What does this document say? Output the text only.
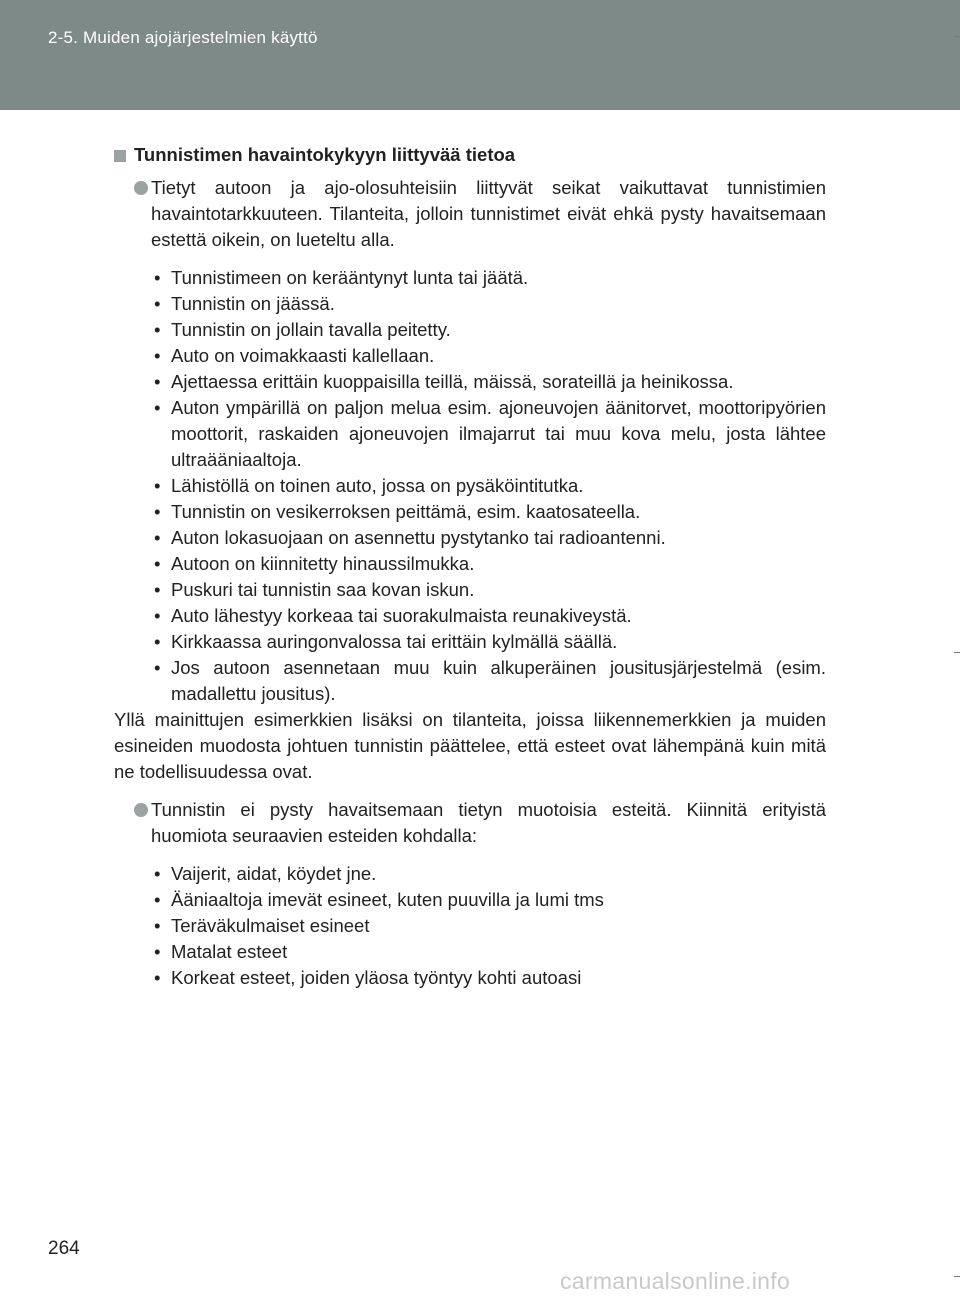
2-5. Muiden ajojärjestelmien käyttö
Tunnistimen havaintokykyyn liittyvää tietoa
Tietyt autoon ja ajo-olosuhteisiin liittyvät seikat vaikuttavat tunnistimien havaintotarkkuuteen. Tilanteita, jolloin tunnistimet eivät ehkä pysty havaitsemaan estettä oikein, on lueteltu alla.
• Tunnistimeen on kerääntynyt lunta tai jäätä.
• Tunnistin on jäässä.
• Tunnistin on jollain tavalla peitetty.
• Auto on voimakkaasti kallellaan.
• Ajettaessa erittäin kuoppaisilla teillä, mäissä, sorateillä ja heinikossa.
• Auton ympärillä on paljon melua esim. ajoneuvojen äänitorvet, moottoripyörien moottorit, raskaiden ajoneuvojen ilmajarrut tai muu kova melu, josta lähtee ultraääniaaltoja.
• Lähistöllä on toinen auto, jossa on pysäköintitutka.
• Tunnistin on vesikerroksen peittämä, esim. kaatosateella.
• Auton lokasuojaan on asennettu pystytanko tai radioantenni.
• Autoon on kiinnitetty hinaussilmukka.
• Puskuri tai tunnistin saa kovan iskun.
• Auto lähestyy korkeaa tai suorakulmaista reunakiveystä.
• Kirkkaassa auringonvalossa tai erittäin kylmällä säällä.
• Jos autoon asennetaan muu kuin alkuperäinen jousitusjärjestelmä (esim. madallettu jousitus).
Yllä mainittujen esimerkkien lisäksi on tilanteita, joissa liikennemerkkien ja muiden esineiden muodosta johtuen tunnistin päättelee, että esteet ovat lähempänä kuin mitä ne todellisuudessa ovat.
Tunnistin ei pysty havaitsemaan tietyn muotoisia esteitä. Kiinnitä erityistä huomiota seuraavien esteiden kohdalla:
• Vaijerit, aidat, köydet jne.
• Ääniaaltoja imevät esineet, kuten puuvilla ja lumi tms
• Teräväkulmaiset esineet
• Matalat esteet
• Korkeat esteet, joiden yläosa työntyy kohti autoasi
264
carmanualsonline.info
